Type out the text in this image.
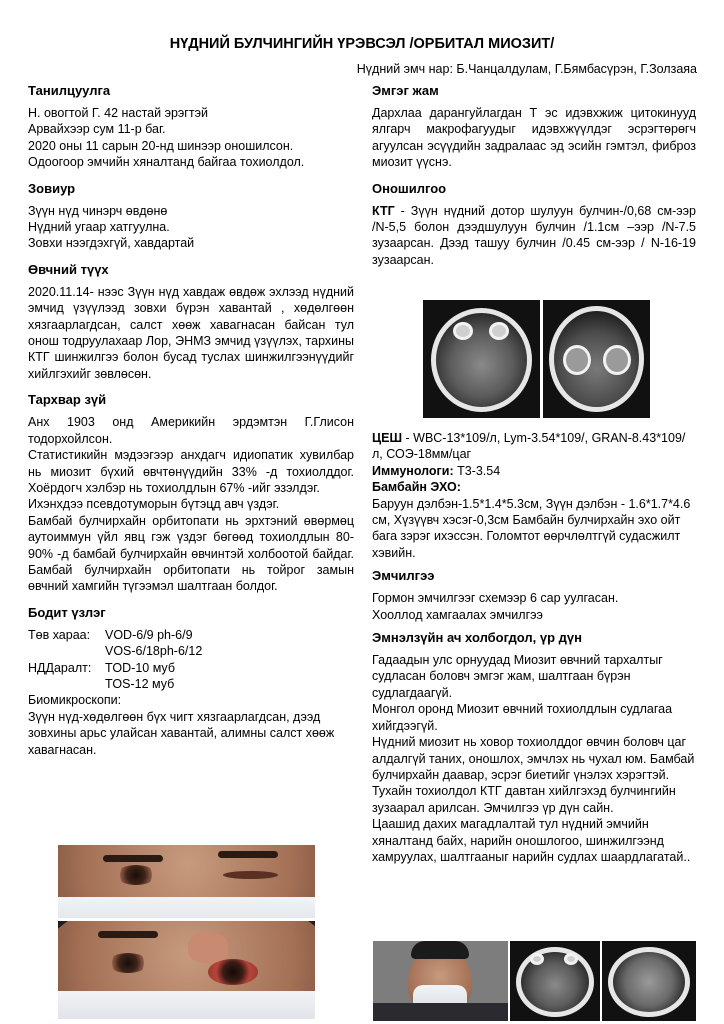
НҮДНИЙ БУЛЧИНГИЙН ҮРЭВСЭЛ /ОРБИТАЛ МИОЗИТ/
Нүдний эмч нар: Б.Чанцалдулам, Г.Бямбасүрэн, Г.Золзаяа
Танилцуулга
Н. овогтой Г. 42 настай эрэгтэй
Арвайхээр сум 11-р баг.
2020 оны 11 сарын 20-нд шинээр оношилсон.
Одоогоор эмчийн хяналтанд байгаа тохиолдол.
Зовиур
Зүүн нүд чинэрч өвдөнө
Нүдний угаар хатгуулна.
Зовхи нээгдэхгүй, хавдартай
Өвчний түүх
2020.11.14- нээс Зүүн нүд хавдаж өвдөж эхлээд нүдний эмчид үзүүлээд зовхи бүрэн хавантай , хөдөлгөөн хязгаарлагдсан, салст хөөж хавагнасан байсан тул онош тодруулахаар Лор, ЭНМЗ эмчид үзүүлэх, тархины КТГ шинжилгээ болон бусад туслах шинжилгээнүүдийг хийлгэхийг зөвлөсөн.
Тархвар зүй
Анх 1903 онд Америкийн эрдэмтэн Г.Глисон тодорхойлсон.
Статистикийн мэдээгээр анхдагч идиопатик хувилбар нь миозит бүхий өвчтөнүүдийн 33% -д тохиолддог. Хоёрдогч хэлбэр нь тохиолдлын 67% -ийг эзэлдэг.
Ихэнхдээ псевдотуморын бүтэцд авч үздэг.
Бамбай булчирхайн орбитопати нь эрхтэний өвөрмөц аутоиммун үйл явц гэж үздэг бөгөөд тохиолдлын 80-90% -д бамбай булчирхайн өвчинтэй холбоотой байдаг. Бамбай булчирхайн орбитопати нь тойрог замын өвчний хамгийн түгээмэл шалтгаан болдог.
Бодит үзлэг
Төв хараа:	VOD-6/9 ph-6/9
VOS-6/18ph-6/12
НДДаралт:	TOD-10 муб
TOS-12 муб
Биомикроскопи:
Зүүн нүд-хөдөлгөөн бүх чигт хязгаарлагдсан, дээд зовхины арьс улайсан хавантай, алимны салст хөөж хавагнасан.
Эмгэг жам
Дархлаа дарангуйлагдан Т эс идэвхжиж цитокинууд ялгарч макрофагуудыг идэвхжүүлдэг эсрэгтөрөгч агуулсан эсүүдийн задралаас эд эсийн гэмтэл, фиброз миозит үүснэ.
Оношилгоо
КТГ - Зүүн нүдний дотор шулуун булчин-/0,68 см-ээр /N-5,5 болон дээдшулуун булчин /1.1см –ээр /N-7.5 зузаарсан. Дээд ташуу булчин /0.45 см-ээр / N-16-19 зузаарсан.
ЦЕШ - WBC-13*109/л, Lym-3.54*109/, GRAN-8.43*109/л, СОЭ-18мм/цаг
Иммунологи: T3-3.54
Бамбайн ЭХО:
Баруун дэлбэн-1.5*1.4*5.3см, Зүүн дэлбэн - 1.6*1.7*4.6 см, Хүзүүвч хэсэг-0,3см Бамбайн булчирхайн эхо ойт бага зэрэг ихэссэн. Голомтот өөрчлөлтгүй судасжилт хэвийн.
Эмчилгээ
Гормон эмчилгээг схемээр 6 сар уулгасан.
Хооллод хамгаалах эмчилгээ
Эмнэлзүйн ач холбогдол, үр дүн
Гадаадын улс орнуудад Миозит өвчний тархалтыг судласан боловч эмгэг жам, шалтгаан бүрэн судлагдаагүй.
Монгол оронд Миозит өвчний тохиолдлын судлагаа хийгдээгүй.
Нүдний миозит нь ховор тохиолддог өвчин боловч цаг алдалгүй таних, оношлох, эмчлэх нь чухал юм. Бамбай булчирхайн даавар, эсрэг биетийг үнэлэх хэрэгтэй.
Тухайн тохиолдол КТГ давтан хийлгэхэд булчингийн зузаарал арилсан. Эмчилгээ үр дүн сайн.
Цаашид дахих магадлалтай тул нүдний эмчийн хяналтанд байх, нарийн оношлогоо, шинжилгээнд хамруулах, шалтгааныг нарийн судлах шаардлагатай..
